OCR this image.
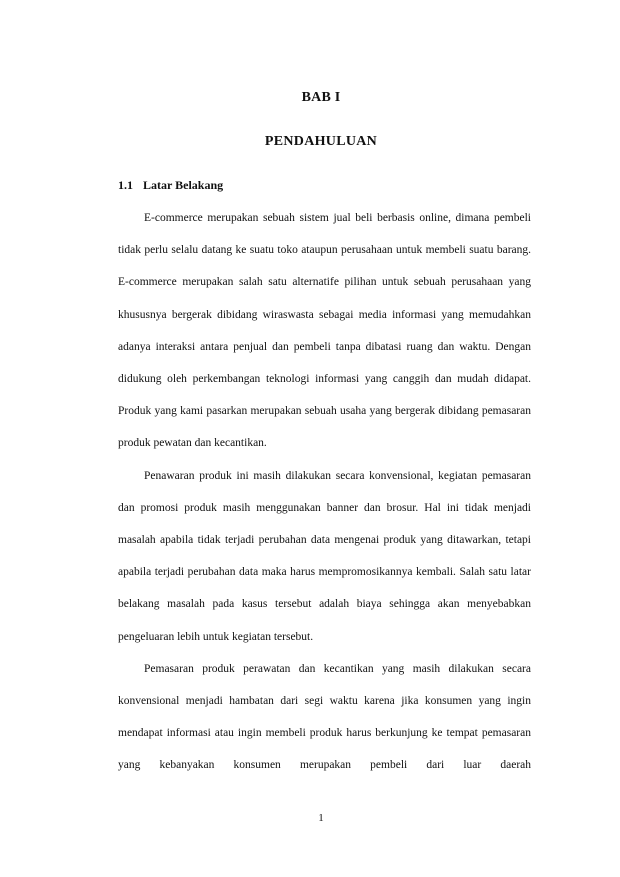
BAB I
PENDAHULUAN
1.1 Latar Belakang

E-commerce merupakan sebuah sistem jual beli berbasis online, dimana pembeli tidak perlu selalu datang ke suatu toko ataupun perusahaan untuk membeli suatu barang. E-commerce merupakan salah satu alternatife pilihan untuk sebuah perusahaan yang khususnya bergerak dibidang wiraswasta sebagai media informasi yang memudahkan adanya interaksi antara penjual dan pembeli tanpa dibatasi ruang dan waktu. Dengan didukung oleh perkembangan teknologi informasi yang canggih dan mudah didapat. Produk yang kami pasarkan merupakan sebuah usaha yang bergerak dibidang pemasaran produk pewatan dan kecantikan.

Penawaran produk ini masih dilakukan secara konvensional, kegiatan pemasaran dan promosi produk masih menggunakan banner dan brosur. Hal ini tidak menjadi masalah apabila tidak terjadi perubahan data mengenai produk yang ditawarkan, tetapi apabila terjadi perubahan data maka harus mempromosikannya kembali. Salah satu latar belakang masalah pada kasus tersebut adalah biaya sehingga akan menyebabkan pengeluaran lebih untuk kegiatan tersebut.

Pemasaran produk perawatan dan kecantikan yang masih dilakukan secara konvensional menjadi hambatan dari segi waktu karena jika konsumen yang ingin mendapat informasi atau ingin membeli produk harus berkunjung ke tempat pemasaran yang kebanyakan konsumen merupakan pembeli dari luar daerah

1
